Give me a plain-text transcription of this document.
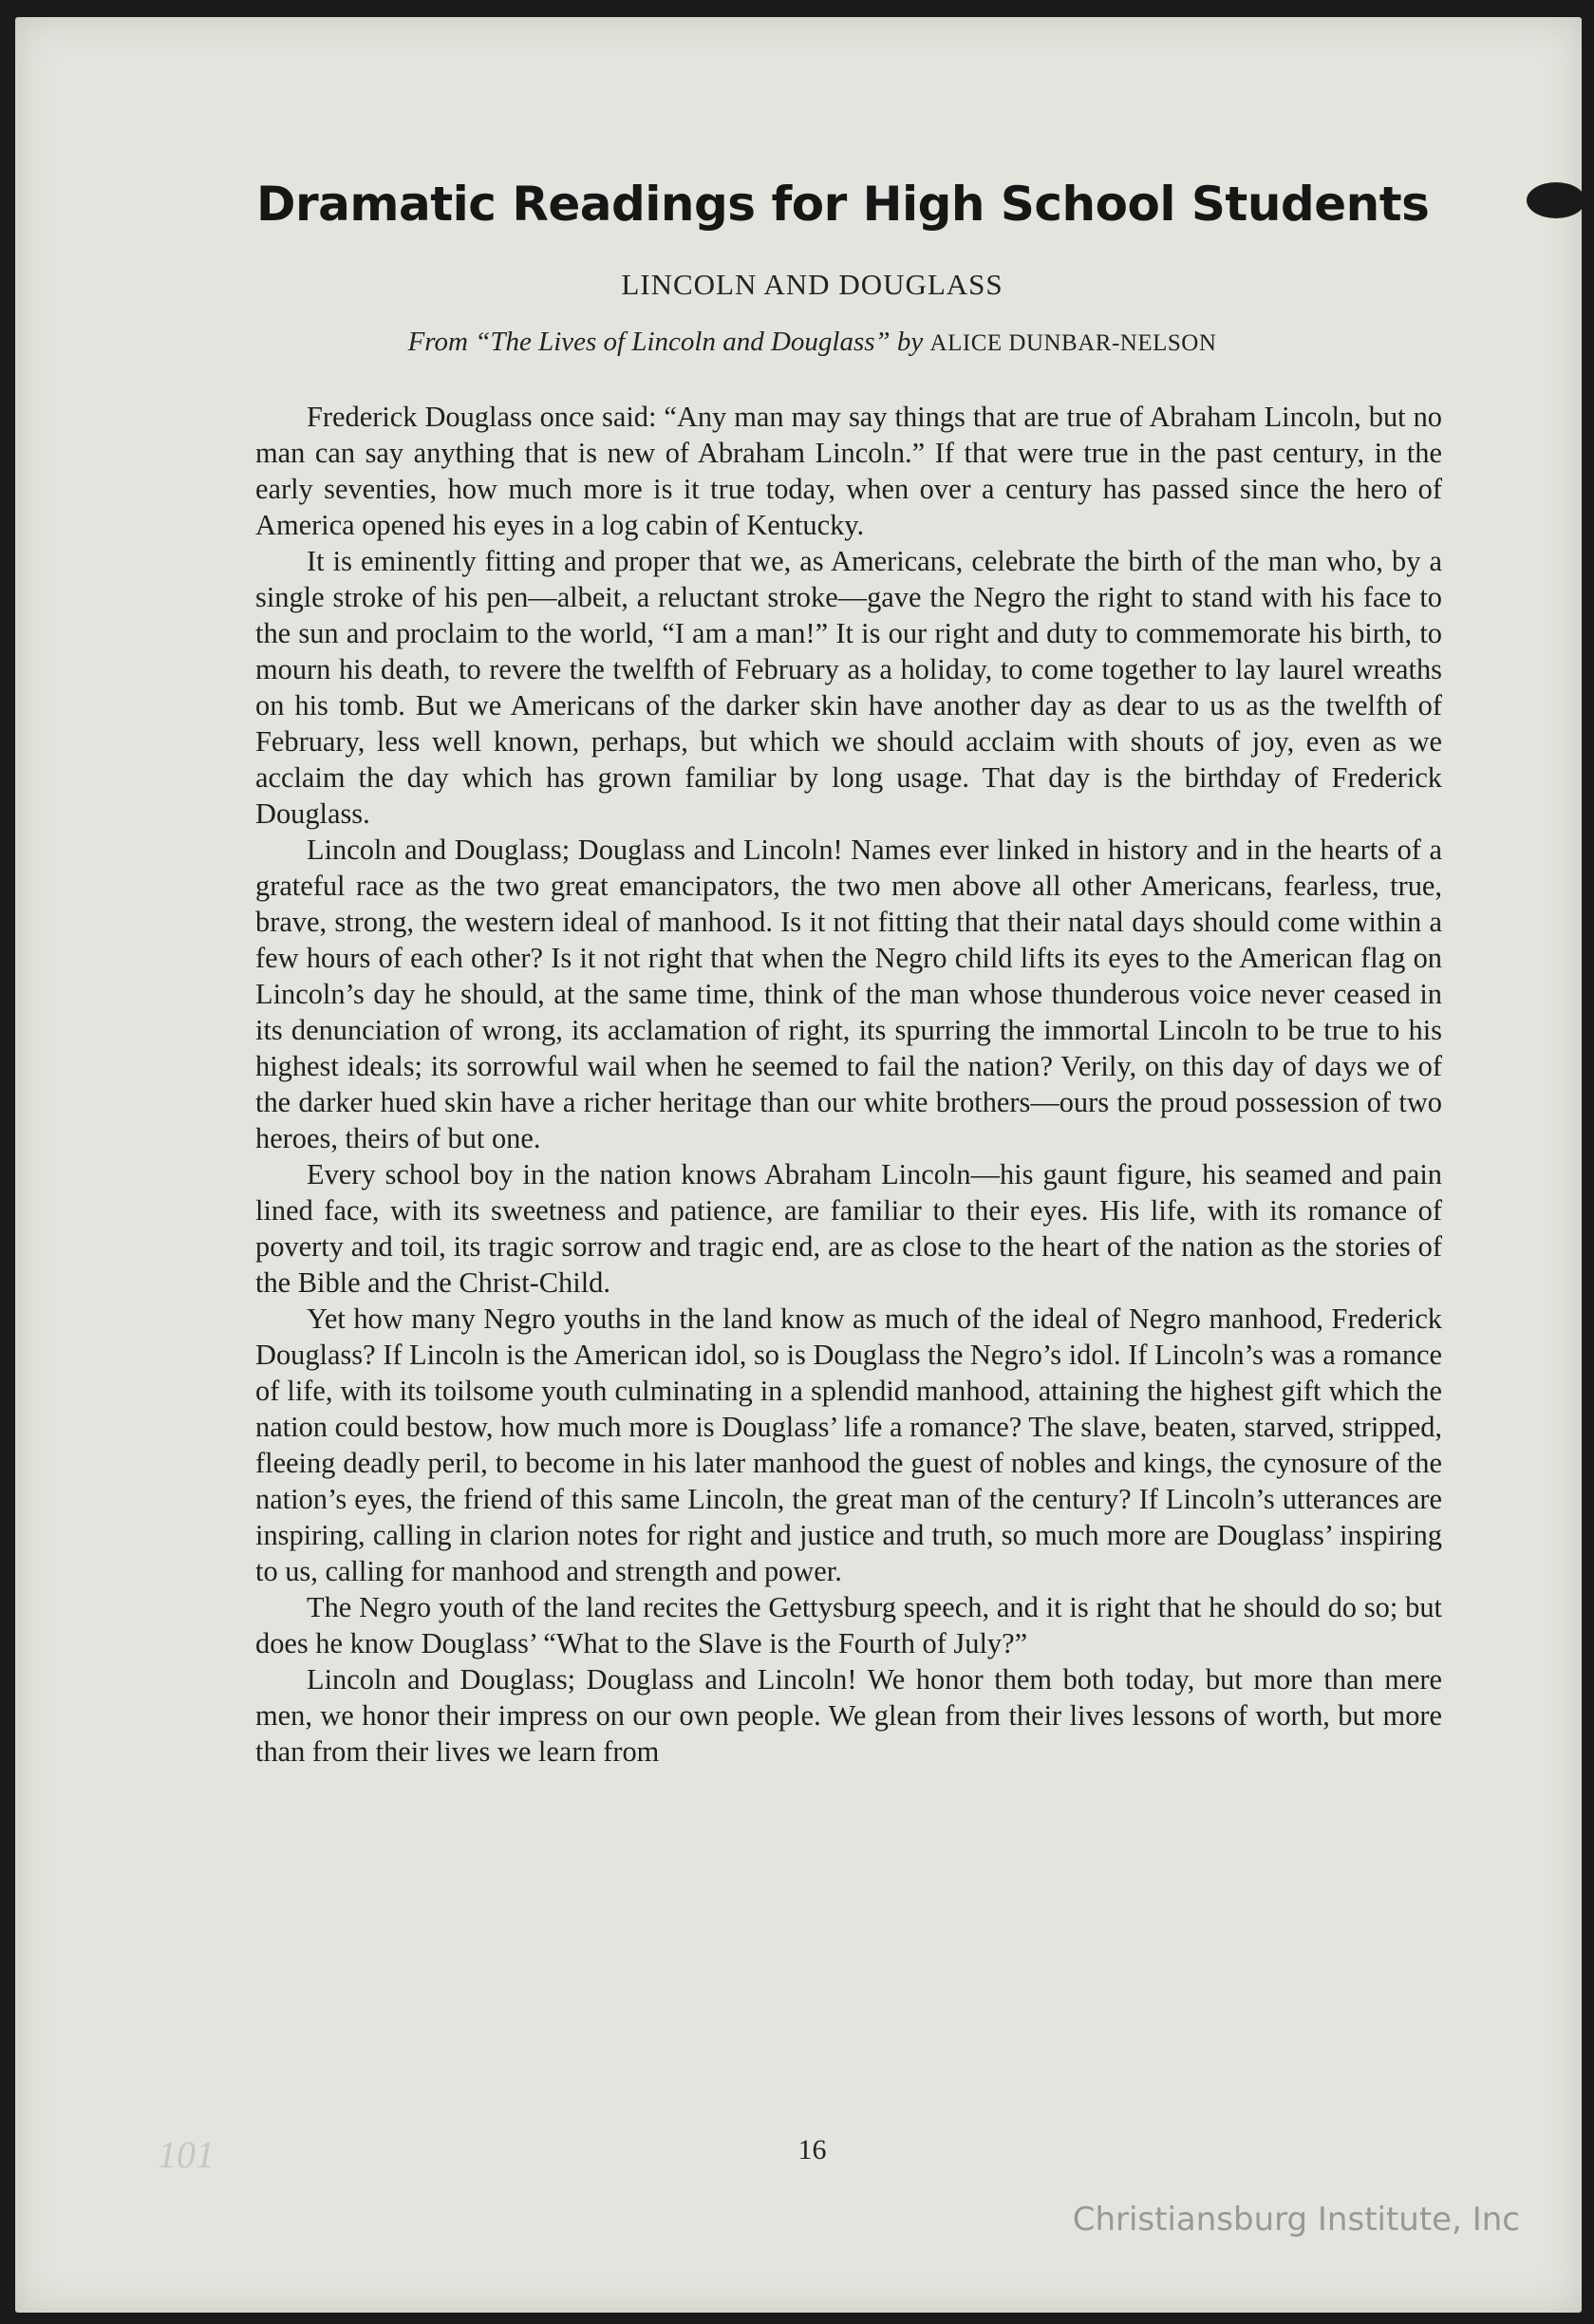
Dramatic Readings for High School Students
LINCOLN AND DOUGLASS
From “The Lives of Lincoln and Douglass” by ALICE DUNBAR-NELSON

Frederick Douglass once said: “Any man may say things that are true of Abraham Lincoln, but no man can say anything that is new of Abraham Lincoln.” If that were true in the past century, in the early seventies, how much more is it true today, when over a century has passed since the hero of America opened his eyes in a log cabin of Kentucky.

It is eminently fitting and proper that we, as Americans, celebrate the birth of the man who, by a single stroke of his pen—albeit, a reluctant stroke—gave the Negro the right to stand with his face to the sun and proclaim to the world, “I am a man!” It is our right and duty to commemorate his birth, to mourn his death, to revere the twelfth of February as a holiday, to come together to lay laurel wreaths on his tomb. But we Americans of the darker skin have another day as dear to us as the twelfth of February, less well known, perhaps, but which we should acclaim with shouts of joy, even as we acclaim the day which has grown familiar by long usage. That day is the birthday of Frederick Douglass.

Lincoln and Douglass; Douglass and Lincoln! Names ever linked in history and in the hearts of a grateful race as the two great emancipators, the two men above all other Americans, fearless, true, brave, strong, the western ideal of manhood. Is it not fitting that their natal days should come within a few hours of each other? Is it not right that when the Negro child lifts its eyes to the American flag on Lincoln’s day he should, at the same time, think of the man whose thunderous voice never ceased in its denunciation of wrong, its acclamation of right, its spurring the immortal Lincoln to be true to his highest ideals; its sorrowful wail when he seemed to fail the nation? Verily, on this day of days we of the darker hued skin have a richer heritage than our white brothers—ours the proud possession of two heroes, theirs of but one.

Every school boy in the nation knows Abraham Lincoln—his gaunt figure, his seamed and pain lined face, with its sweetness and patience, are familiar to their eyes. His life, with its romance of poverty and toil, its tragic sorrow and tragic end, are as close to the heart of the nation as the stories of the Bible and the Christ-Child.

Yet how many Negro youths in the land know as much of the ideal of Negro manhood, Frederick Douglass? If Lincoln is the American idol, so is Douglass the Negro’s idol. If Lincoln’s was a romance of life, with its toilsome youth culminating in a splendid manhood, attaining the highest gift which the nation could bestow, how much more is Douglass’ life a romance? The slave, beaten, starved, stripped, fleeing deadly peril, to become in his later manhood the guest of nobles and kings, the cynosure of the nation’s eyes, the friend of this same Lincoln, the great man of the century? If Lincoln’s utterances are inspiring, calling in clarion notes for right and justice and truth, so much more are Douglass’ inspiring to us, calling for manhood and strength and power.

The Negro youth of the land recites the Gettysburg speech, and it is right that he should do so; but does he know Douglass’ “What to the Slave is the Fourth of July?”

Lincoln and Douglass; Douglass and Lincoln! We honor them both today, but more than mere men, we honor their impress on our own people. We glean from their lives lessons of worth, but more than from their lives we learn from

101	16
Christiansburg Institute, Inc
